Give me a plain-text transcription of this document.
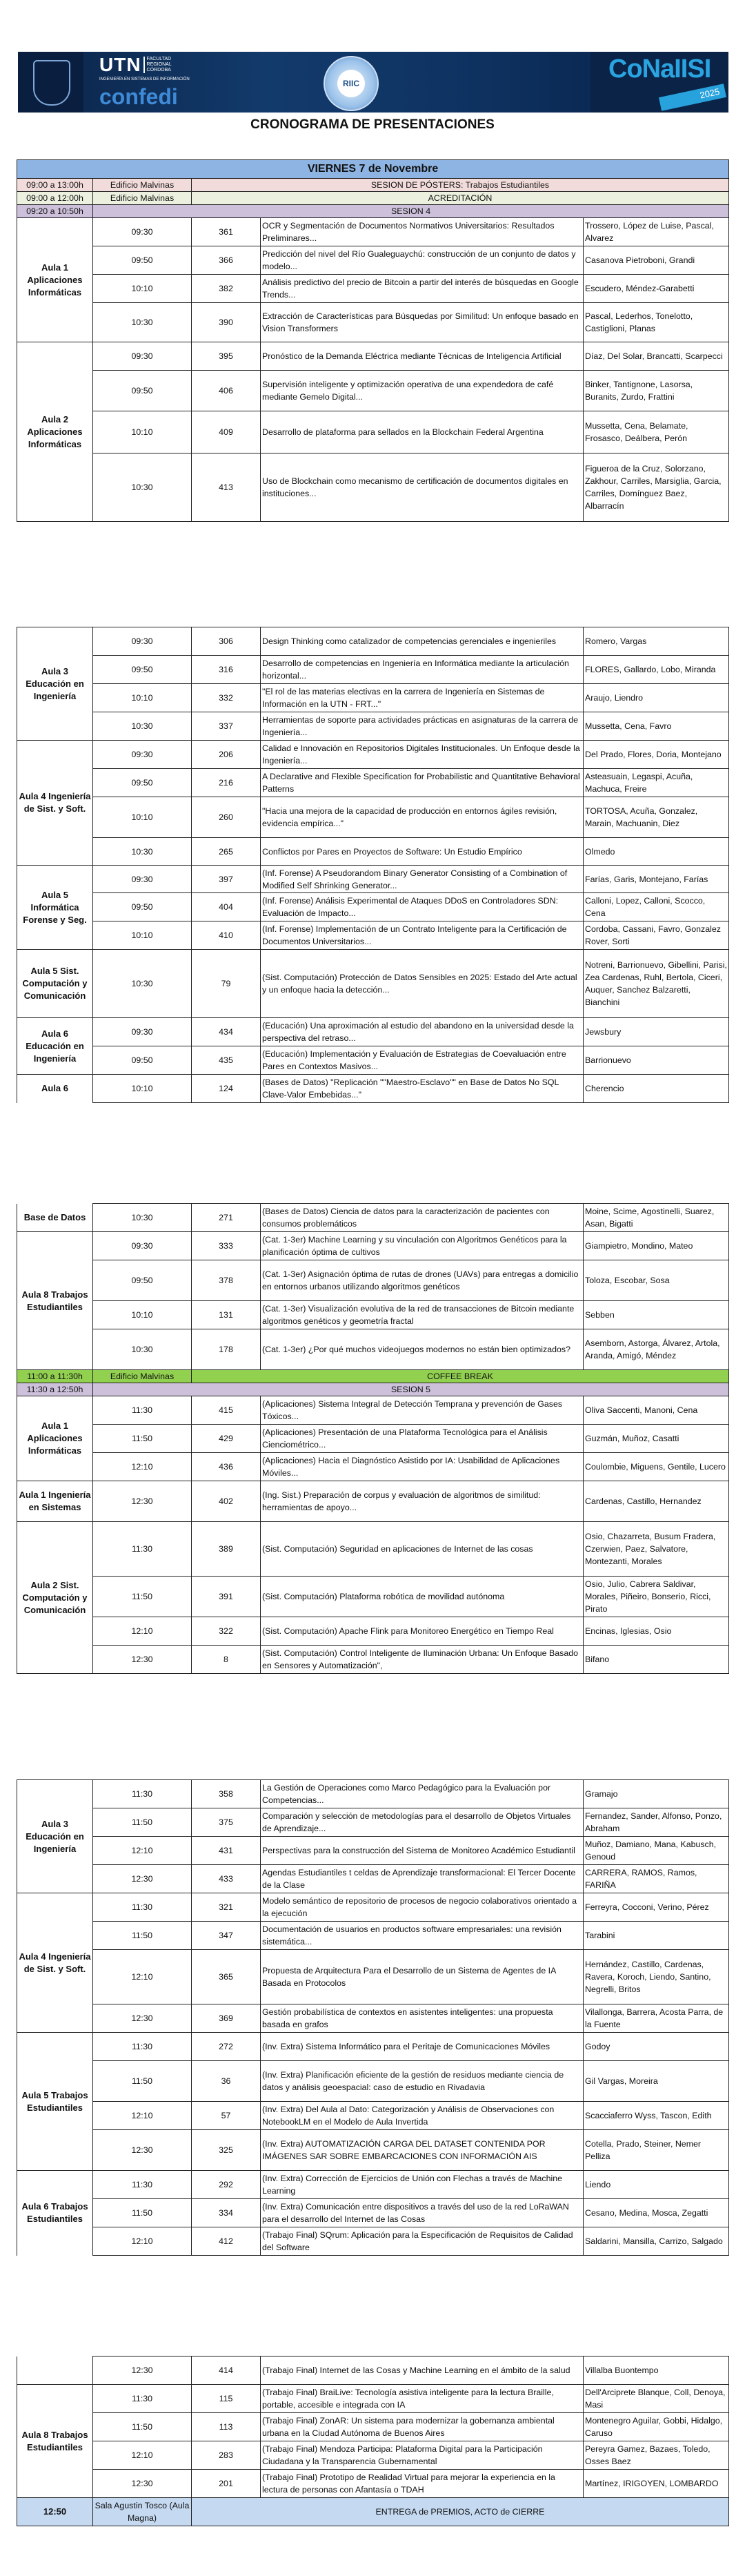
UTN FACULTAD REGIONAL CÓRDOBA
INGENIERÍA EN SISTEMAS DE INFORMACIÓN
confedi
RIIC	CoNaIISI
2025
CRONOGRAMA DE PRESENTACIONES
VIERNES 7 de Novembre				
09:00 a 13:00h	Edificio Malvinas	SESION DE PÓSTERS: Trabajos Estudiantiles		
09:00 a 12:00h	Edificio Malvinas	ACREDITACIÓN		
09:20 a 10:50h	SESION 4			
Aula 1 Aplicaciones Informáticas	09:30	361	OCR y Segmentación de Documentos Normativos Universitarios: Resultados Preliminares...	Trossero, López de Luise, Pascal, Alvarez
	09:50	366	Predicción del nivel del Río Gualeguaychú: construcción de un conjunto de datos y modelo...	Casanova Pietroboni, Grandi
	10:10	382	Análisis predictivo del precio de Bitcoin a partir del interés de búsquedas en Google Trends...	Escudero, Méndez-Garabetti
	10:30	390	Extracción de Características para Búsquedas por Similitud: Un enfoque basado en Vision Transformers	Pascal, Lederhos, Tonelotto, Castiglioni, Planas
Aula 2 Aplicaciones Informáticas	09:30	395	Pronóstico de la Demanda Eléctrica mediante Técnicas de Inteligencia Artificial	Díaz, Del Solar, Brancatti, Scarpecci
	09:50	406	Supervisión inteligente y optimización operativa de una expendedora de café mediante Gemelo Digital...	Binker, Tantignone, Lasorsa, Buranits, Zurdo, Frattini
	10:10	409	Desarrollo de plataforma para sellados en la Blockchain Federal Argentina	Mussetta, Cena, Belamate, Frosasco, Deálbera, Perón
	10:30	413	Uso de Blockchain como mecanismo de certificación de documentos digitales en instituciones...	Figueroa de la Cruz, Solorzano, Zakhour, Carriles, Marsiglia, Garcia, Carriles, Domínguez Baez, Albarracín
Aula 3 Educación en Ingeniería	09:30	306	Design Thinking como catalizador de competencias gerenciales e ingenieriles	Romero, Vargas
	09:50	316	Desarrollo de competencias en Ingeniería en Informática mediante la articulación horizontal...	FLORES, Gallardo, Lobo, Miranda
	10:10	332	"El rol de las materias electivas en la carrera de Ingeniería en Sistemas de Información en la UTN - FRT..."	Araujo, Liendro
	10:30	337	Herramientas de soporte para actividades prácticas en asignaturas de la carrera de Ingeniería...	Mussetta, Cena, Favro
Aula 4 Ingeniería de Sist. y Soft.	09:30	206	Calidad e Innovación en Repositorios Digitales Institucionales. Un Enfoque desde la Ingeniería...	Del Prado, Flores, Doria, Montejano
	09:50	216	A Declarative and Flexible Specification for Probabilistic and Quantitative Behavioral Patterns	Asteasuain, Legaspi, Acuña, Machuca, Freire
	10:10	260	"Hacia una mejora de la capacidad de producción en entornos ágiles revisión, evidencia empírica..."	TORTOSA, Acuña, Gonzalez, Marain, Machuanin, Diez
	10:30	265	Conflictos por Pares en Proyectos de Software: Un Estudio Empírico	Olmedo
Aula 5 Informática Forense y Seg.	09:30	397	(Inf. Forense) A Pseudorandom Binary Generator Consisting of a Combination of Modified Self Shrinking Generator...	Farías, Garis, Montejano, Farías
	09:50	404	(Inf. Forense) Análisis Experimental de Ataques DDoS en Controladores SDN: Evaluación de Impacto...	Calloni, Lopez, Calloni, Scocco, Cena
	10:10	410	(Inf. Forense) Implementación de un Contrato Inteligente para la Certificación de Documentos Universitarios...	Cordoba, Cassani, Favro, Gonzalez Rover, Sorti
Aula 5 Sist. Computación y Comunicación	10:30	79	(Sist. Computación) Protección de Datos Sensibles en 2025: Estado del Arte actual y un enfoque hacia la detección...	Notreni, Barrionuevo, Gibellini, Parisi, Zea Cardenas, Ruhl, Bertola, Ciceri, Auquer, Sanchez Balzaretti, Bianchini
Aula 6 Educación en Ingeniería	09:30	434	(Educación) Una aproximación al estudio del abandono en la universidad desde la perspectiva del retraso...	Jewsbury
	09:50	435	(Educación) Implementación y Evaluación de Estrategias de Coevaluación entre Pares en Contextos Masivos...	Barrionuevo
Aula 6	10:10	124	(Bases de Datos) "Replicación ""Maestro-Esclavo"" en Base de Datos No SQL Clave-Valor Embebidas..."	Cherencio
Base de Datos	10:30	271	(Bases de Datos) Ciencia de datos para la caracterización de pacientes con consumos problemáticos	Moine, Scime, Agostinelli, Suarez, Asan, Bigatti
Aula 8 Trabajos Estudiantiles	09:30	333	(Cat. 1-3er) Machine Learning y su vinculación con Algoritmos Genéticos para la planificación óptima de cultivos	Giampietro, Mondino, Mateo
	09:50	378	(Cat. 1-3er) Asignación óptima de rutas de drones (UAVs) para entregas a domicilio en entornos urbanos utilizando algoritmos genéticos	Toloza, Escobar, Sosa
	10:10	131	(Cat. 1-3er) Visualización evolutiva de la red de transacciones de Bitcoin mediante algoritmos genéticos y geometría fractal	Sebben
	10:30	178	(Cat. 1-3er) ¿Por qué muchos videojuegos modernos no están bien optimizados?	Asemborn, Astorga, Álvarez, Artola, Aranda, Amigó, Méndez
11:00 a 11:30h	Edificio Malvinas	COFFEE BREAK		
11:30 a 12:50h	SESION 5			
Aula 1 Aplicaciones Informáticas	11:30	415	(Aplicaciones) Sistema Integral de Detección Temprana y prevención de Gases Tóxicos...	Oliva Saccenti, Manoni, Cena
	11:50	429	(Aplicaciones) Presentación de una Plataforma Tecnológica para el Análisis Cienciométrico...	Guzmán, Muñoz, Casatti
	12:10	436	(Aplicaciones) Hacia el Diagnóstico Asistido por IA: Usabilidad de Aplicaciones Móviles...	Coulombie, Miguens, Gentile, Lucero
Aula 1 Ingeniería en Sistemas	12:30	402	(Ing. Sist.) Preparación de corpus y evaluación de algoritmos de similitud: herramientas de apoyo...	Cardenas, Castillo, Hernandez
Aula 2 Sist. Computación y Comunicación	11:30	389	(Sist. Computación) Seguridad en aplicaciones de Internet de las cosas	Osio, Chazarreta, Busum Fradera, Czerwien, Paez, Salvatore, Montezanti, Morales
	11:50	391	(Sist. Computación) Plataforma robótica de movilidad autónoma	Osio, Julio, Cabrera Saldivar, Morales, Piñeiro, Bonserio, Ricci, Pirato
	12:10	322	(Sist. Computación) Apache Flink para Monitoreo Energético en Tiempo Real	Encinas, Iglesias, Osio
	12:30	8	(Sist. Computación) Control Inteligente de Iluminación Urbana: Un Enfoque Basado en Sensores y Automatización",	Bifano
Aula 3 Educación en Ingeniería	11:30	358	La Gestión de Operaciones como Marco Pedagógico para la Evaluación por Competencias...	Gramajo
	11:50	375	Comparación y selección de metodologías para el desarrollo de Objetos Virtuales de Aprendizaje...	Fernandez, Sander, Alfonso, Ponzo, Abraham
	12:10	431	Perspectivas para la construcción del Sistema de Monitoreo Académico Estudiantil	Muñoz, Damiano, Mana, Kabusch, Genoud
	12:30	433	Agendas Estudiantiles t celdas de Aprendizaje transformacional: El Tercer Docente de la Clase	CARRERA, RAMOS, Ramos, FARIÑA
Aula 4 Ingeniería de Sist. y Soft.	11:30	321	Modelo semántico de repositorio de procesos de negocio colaborativos orientado a la ejecución	Ferreyra, Cocconi, Verino, Pérez
	11:50	347	Documentación de usuarios en productos software empresariales: una revisión sistemática...	Tarabini
	12:10	365	Propuesta de Arquitectura Para el Desarrollo de un Sistema de Agentes de IA Basada en Protocolos	Hernández, Castillo, Cardenas, Ravera, Koroch, Liendo, Santino, Negrelli, Britos
	12:30	369	Gestión probabilística de contextos en asistentes inteligentes: una propuesta basada en grafos	Vilallonga, Barrera, Acosta Parra, de la Fuente
Aula 5 Trabajos Estudiantiles	11:30	272	(Inv. Extra) Sistema Informático para el Peritaje de Comunicaciones Móviles	Godoy
	11:50	36	(Inv. Extra) Planificación eficiente de la gestión de residuos mediante ciencia de datos y análisis geoespacial: caso de estudio en Rivadavia	Gil Vargas, Moreira
	12:10	57	(Inv. Extra) Del Aula al Dato: Categorización y Análisis de Observaciones con NotebookLM en el Modelo de Aula Invertida	Scacciaferro Wyss, Tascon, Edith
	12:30	325	(Inv. Extra) AUTOMATIZACIÓN CARGA DEL DATASET CONTENIDA POR IMÁGENES SAR SOBRE EMBARCACIONES CON INFORMACIÓN AIS	Cotella, Prado, Steiner, Nemer Pelliza
Aula 6 Trabajos Estudiantiles	11:30	292	(Inv. Extra) Corrección de Ejercicios de Unión con Flechas a través de Machine Learning	Liendo
	11:50	334	(Inv. Extra) Comunicación entre dispositivos a través del uso de la red LoRaWAN para el desarrollo del Internet de las Cosas	Cesano, Medina, Mosca, Zegatti
	12:10	412	(Trabajo Final) SQrum: Aplicación para la Especificación de Requisitos de Calidad del Software	Saldarini, Mansilla, Carrizo, Salgado
	12:30	414	(Trabajo Final) Internet de las Cosas y Machine Learning en el ámbito de la salud	Villalba Buontempo
Aula 8 Trabajos Estudiantiles	11:30	115	(Trabajo Final) BraiLive: Tecnología asistiva inteligente para la lectura Braille, portable, accesible e integrada con IA	Dell'Arciprete Blanque, Coll, Denoya, Masi
	11:50	113	(Trabajo Final) ZonAR: Un sistema para modernizar la gobernanza ambiental urbana en la Ciudad Autónoma de Buenos Aires	Montenegro Aguilar, Gobbi, Hidalgo, Caruso
	12:10	283	(Trabajo Final) Mendoza Participa: Plataforma Digital para la Participación Ciudadana y la Transparencia Gubernamental	Pereyra Gamez, Bazaes, Toledo, Osses Baez
	12:30	201	(Trabajo Final) Prototipo de Realidad Virtual para mejorar la experiencia en la lectura de personas con Afantasía o TDAH	Martínez, IRIGOYEN, LOMBARDO
12:50	Sala Agustin Tosco (Aula Magna)	ENTREGA de PREMIOS, ACTO de CIERRE		
